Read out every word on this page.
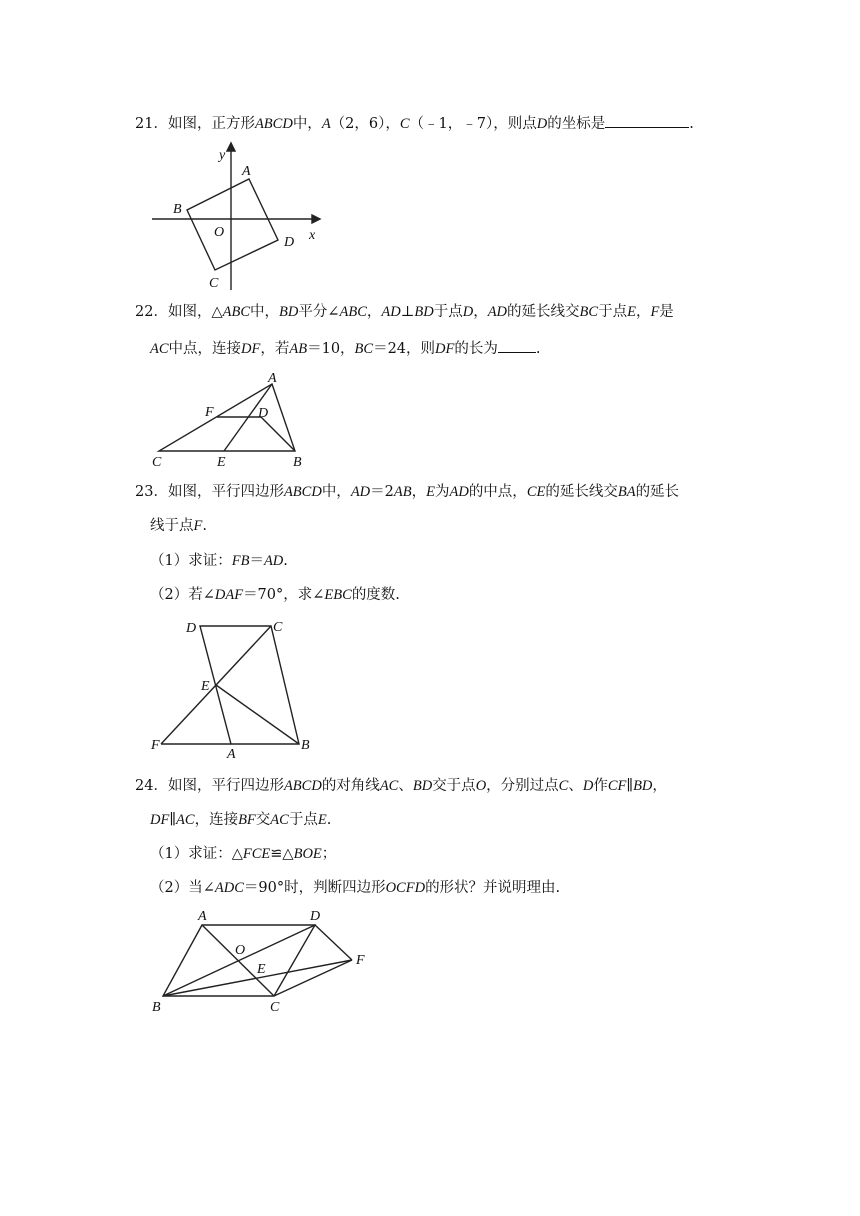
21．如图，正方形ABCD中，A（2，6），C（﹣1，﹣7），则点D的坐标是	.
y
x
A
B
C
D
O
22．如图，△ABC中，BD平分∠ABC，AD⊥BD于点D，AD的延长线交BC于点E，F是
AC中点，连接DF，若AB＝10，BC＝24，则DF的长为	.
A
B
C
D
E
F
23．如图，平行四边形ABCD中，AD＝2AB，E为AD的中点，CE的延长线交BA的延长
线于点F.
（1）求证：FB＝AD.
（2）若∠DAF＝70°，求∠EBC的度数.
D	C
E
F
A
B
24．如图，平行四边形ABCD的对角线AC、BD交于点O，分别过点C、D作CF∥BD，
DF∥AC，连接BF交AC于点E.
（1）求证：△FCE≌△BOE；
（2）当∠ADC＝90°时，判断四边形OCFD的形状？并说明理由.
A	D
F
O
E
B	C
